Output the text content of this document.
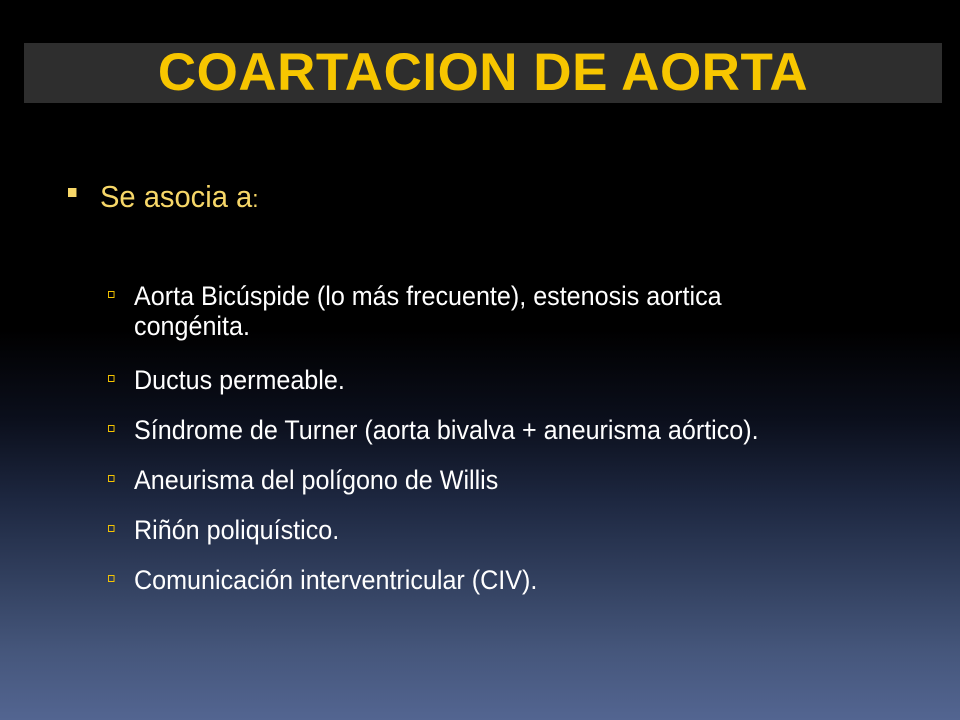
COARTACION DE AORTA
Se asocia a:
Aorta Bicúspide (lo más frecuente), estenosis aortica
congénita.
Ductus permeable.
Síndrome de Turner (aorta bivalva + aneurisma aórtico).
Aneurisma del polígono de Willis
Riñón poliquístico.
Comunicación interventricular (CIV).
